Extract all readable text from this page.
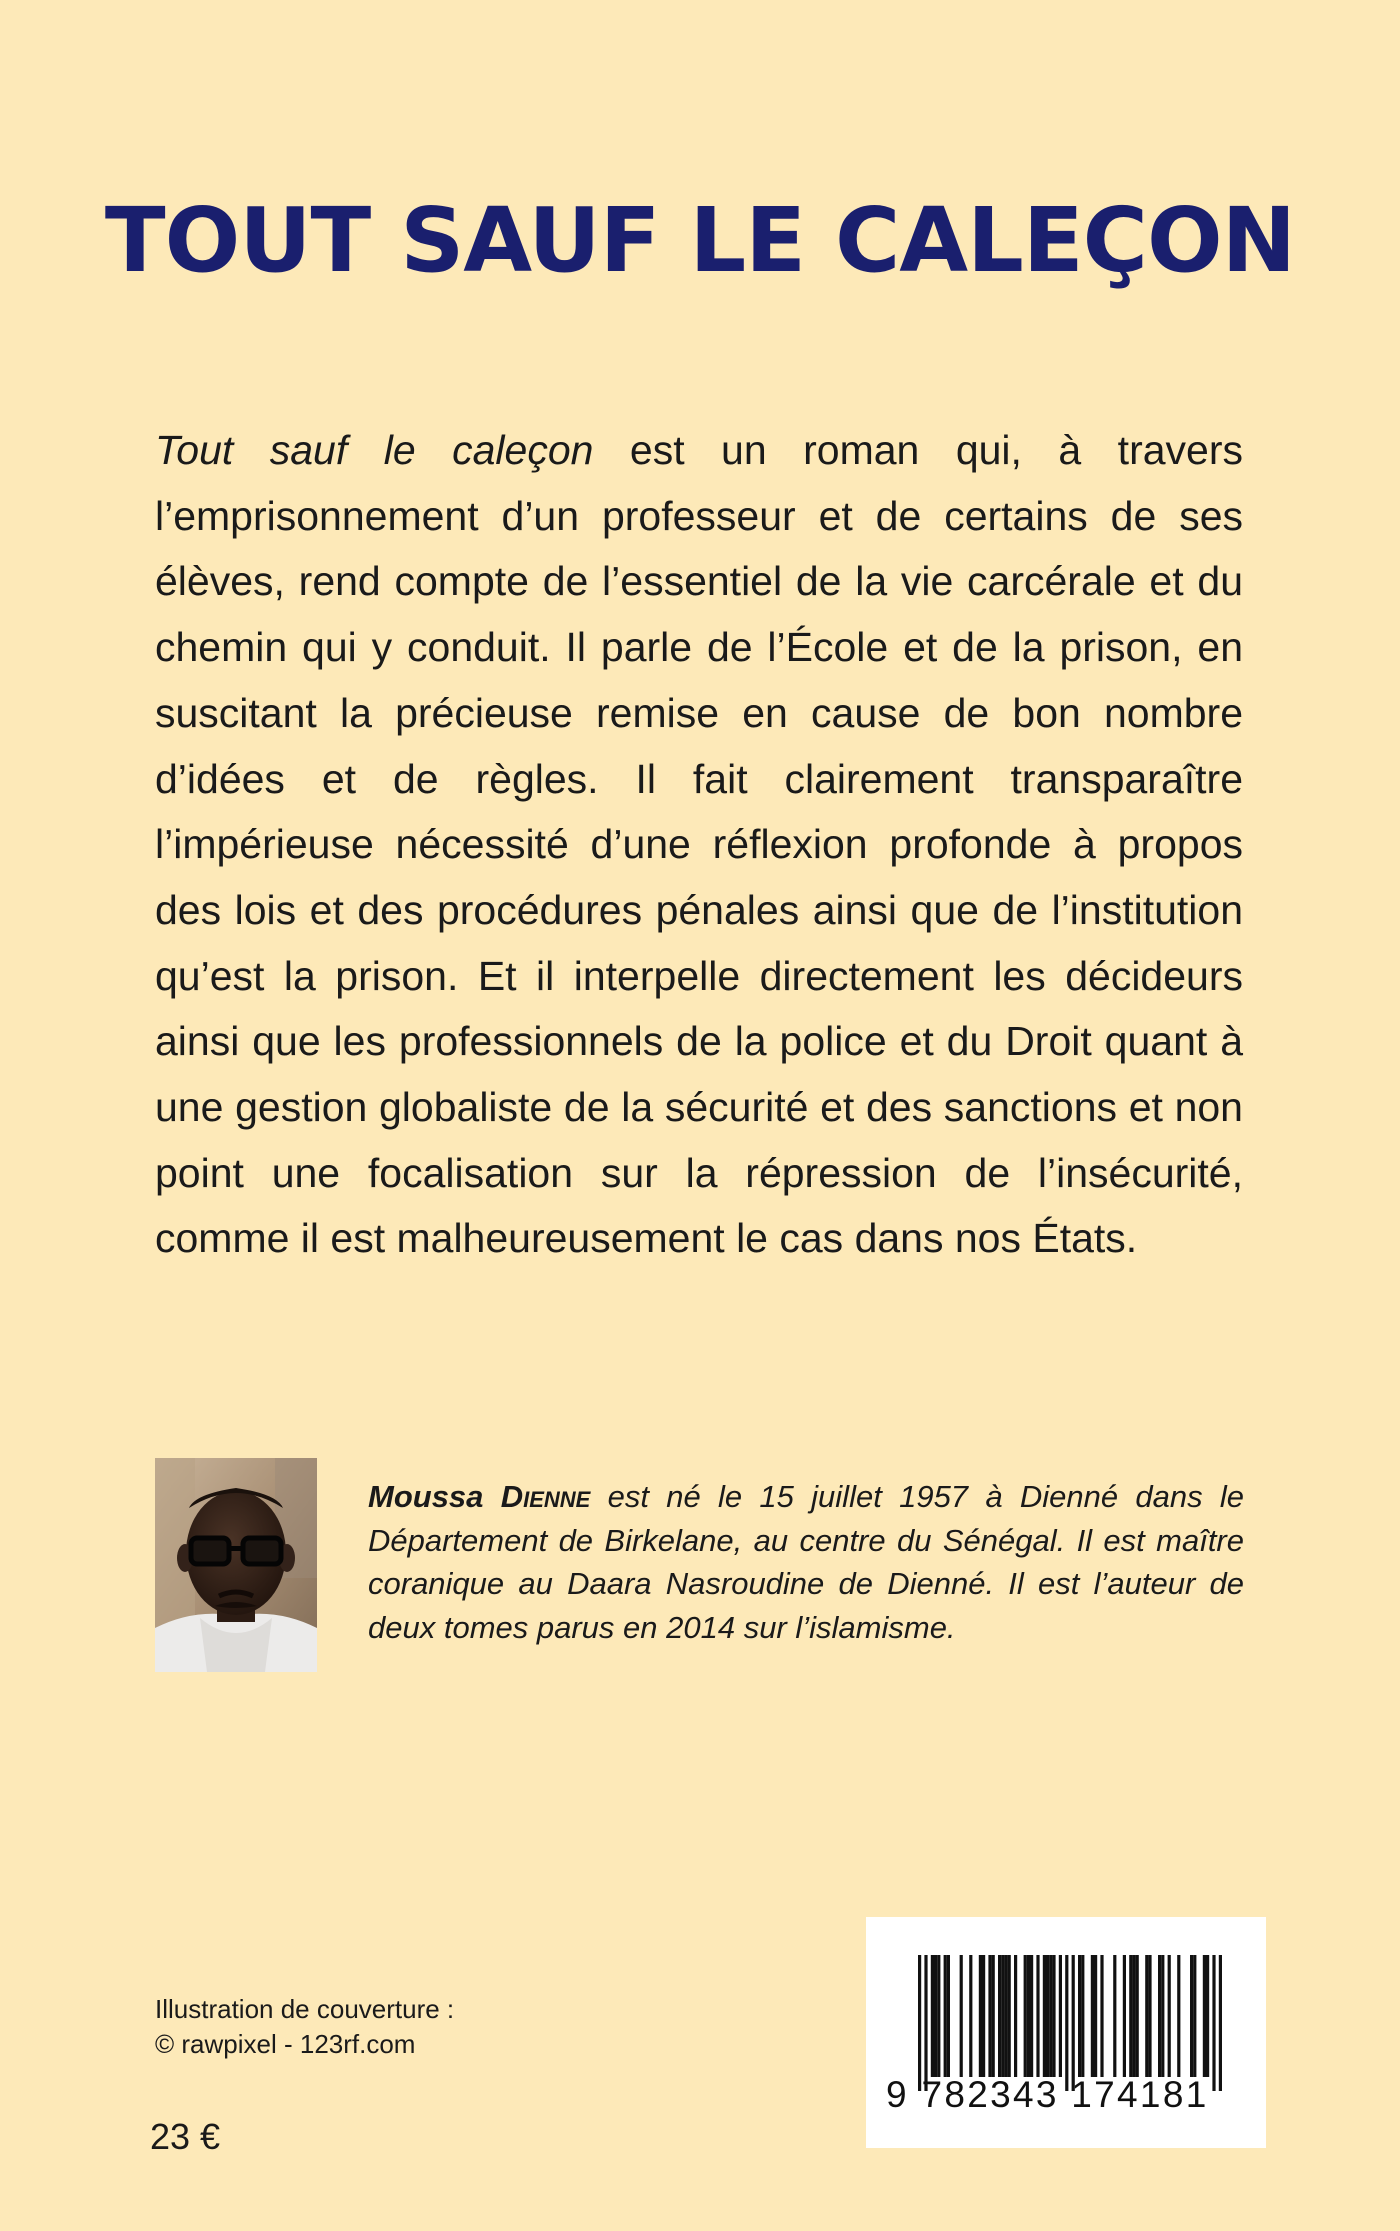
TOUT SAUF LE CALEÇON
Tout sauf le caleçon est un roman qui, à travers l’emprisonnement d’un professeur et de certains de ses élèves, rend compte de l’essentiel de la vie carcérale et du chemin qui y conduit. Il parle de l’École et de la prison, en suscitant la précieuse remise en cause de bon nombre d’idées et de règles. Il fait clairement transparaître l’impérieuse nécessité d’une réflexion profonde à propos des lois et des procédures pénales ainsi que de l’institution qu’est la prison. Et il interpelle directement les décideurs ainsi que les professionnels de la police et du Droit quant à une gestion globaliste de la sécurité et des sanctions et non point une focalisation sur la répression de l’insécurité, comme il est malheureusement le cas dans nos États.
Moussa Dienne est né le 15 juillet 1957 à Dienné dans le Département de Birkelane, au centre du Sénégal. Il est maître coranique au Daara Nasroudine de Dienné. Il est l’auteur de deux tomes parus en 2014 sur l’islamisme.
Illustration de couverture :
© rawpixel - 123rf.com
23 €
9 782343 174181
